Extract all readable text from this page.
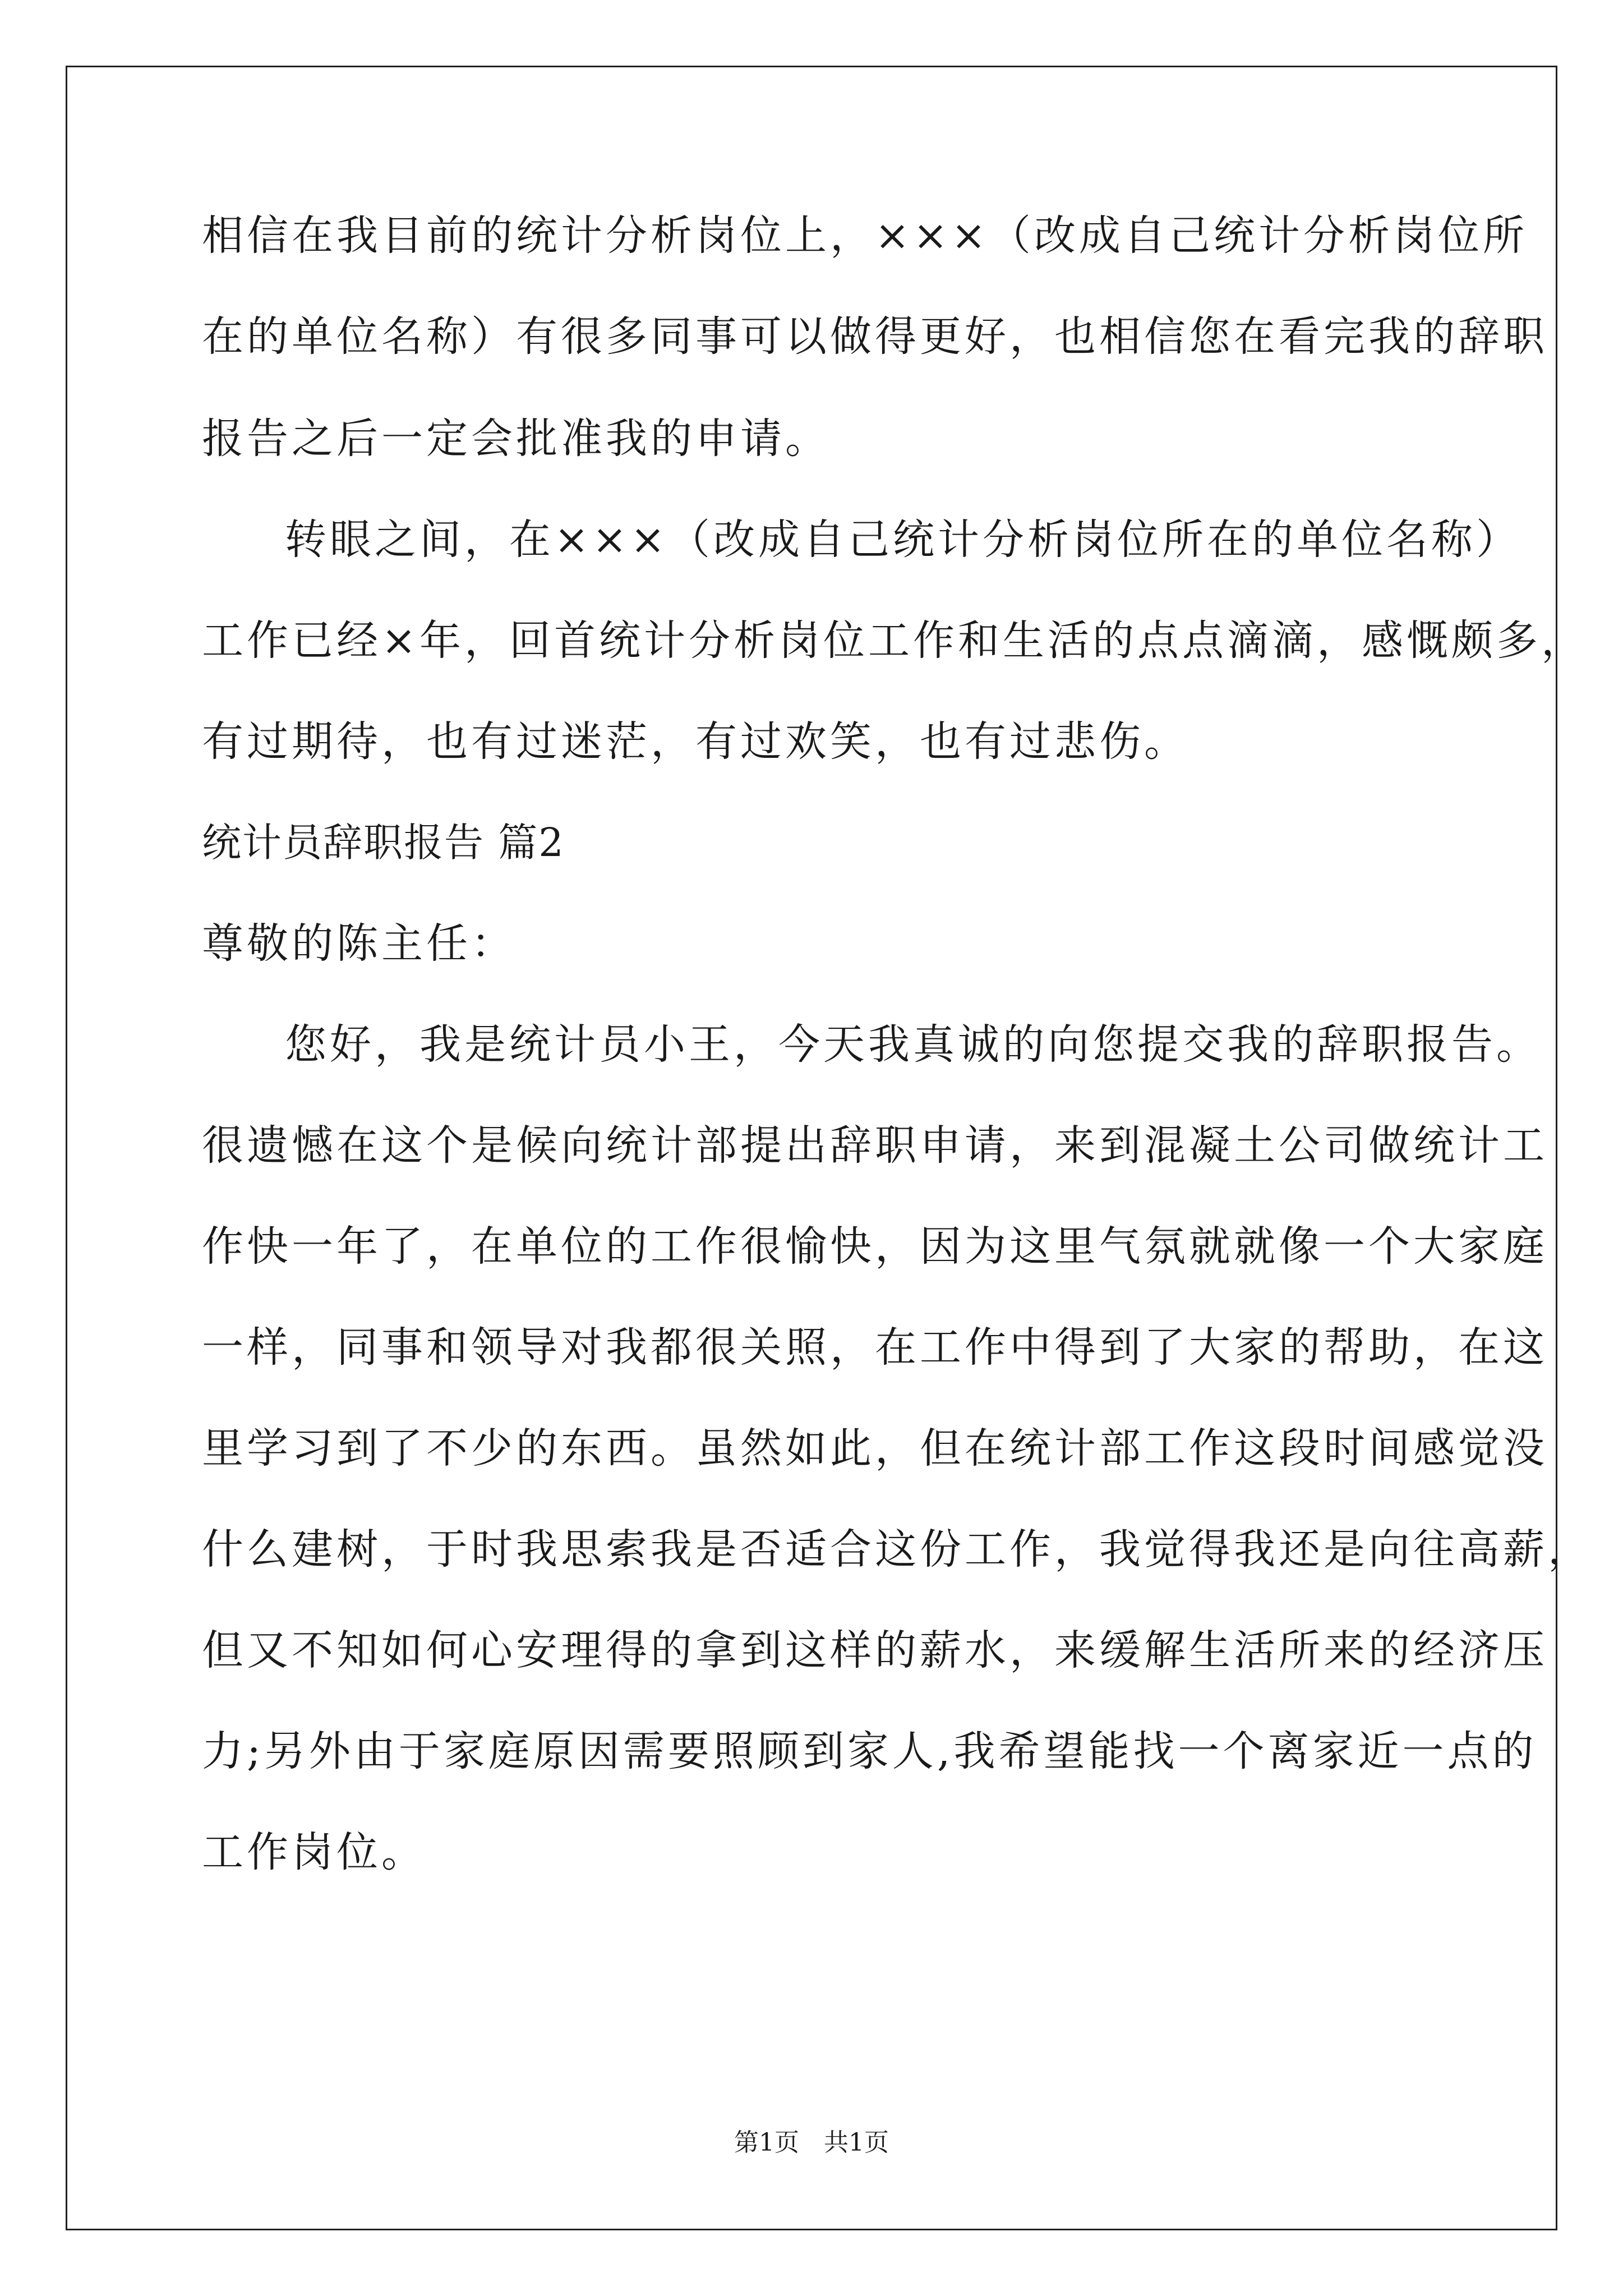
相信在我目前的统计分析岗位上，×××（改成自己统计分析岗位所
在的单位名称）有很多同事可以做得更好，也相信您在看完我的辞职
报告之后一定会批准我的申请。
转眼之间，在×××（改成自己统计分析岗位所在的单位名称）
工作已经×年，回首统计分析岗位工作和生活的点点滴滴，感慨颇多，
有过期待，也有过迷茫，有过欢笑，也有过悲伤。
统计员辞职报告 篇2
尊敬的陈主任：
您好，我是统计员小王，今天我真诚的向您提交我的辞职报告。
很遗憾在这个是候向统计部提出辞职申请，来到混凝土公司做统计工
作快一年了，在单位的工作很愉快，因为这里气氛就就像一个大家庭
一样，同事和领导对我都很关照，在工作中得到了大家的帮助，在这
里学习到了不少的东西。虽然如此，但在统计部工作这段时间感觉没
什么建树，于时我思索我是否适合这份工作，我觉得我还是向往高薪，
但又不知如何心安理得的拿到这样的薪水，来缓解生活所来的经济压
力;另外由于家庭原因需要照顾到家人,我希望能找一个离家近一点的
工作岗位。
第1页　共1页
